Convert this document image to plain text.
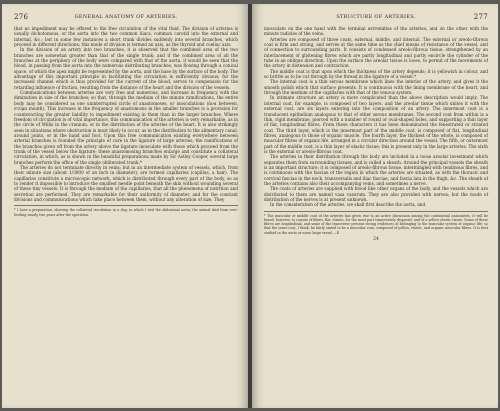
276	GENERAL ANATOMY OF ARTERIES.

that no impediment may be offered to the free circulation of the vital fluid. The division of arteries is usually dichotomous, or the aorta into the two common iliacs, common carotid into the external and internal, &c.; but in some few instances a short trunk divides suddenly into several branches, which proceed in different directions; this mode of division is termed an axis, as the thyroid and coeliac axis.

In the division of an artery into two branches, it is observed that the combined area of the two branches are somewhat greater than that of the single trunk; and if the combined area of all the branches at the periphery of the body were compared with that of the aorta, it would be seen that the blood, in passing from the aorta into the numerous distributing branches, was flowing through a conical space, of which the apex might be represented by the aorta, and the base by the surface of the body. The advantage of this important principle in facilitating the circulation is sufficiently obvious; for the increased channel which is thus provided for the current of the blood, serves to compensate for the retarding influence of friction, resulting from the distance of the heart and the division of the vessels.

Communications between arteries are very free and numerous, and increase in frequency with the diminution in size of the branches; so that, through the medium of the minute ramifications, the entire body may be considered as one uninterrupted circle of anastomoses, or inosculations (ἀνα between, στόμα mouth). This increase in the frequency of anastomosis in the smaller branches is a provision for counteracting the greater liability to impediment existing in them than in the larger branches. Where freedom of circulation is of vital importance, this communication of the arteries is very remarkable, as in the circle of Willis in the cranium, or in the distribution of the arteries of the heart. It is also strikingly seen in situations where obstruction is most likely to occur, as in the distribution to the alimentary canal, around joints, or in the hand and foot. Upon this free communication existing everywhere between arterial branches is founded the principle of cure in the ligature of large arteries; the ramifications of the branches given off from the artery above the ligature inosculate with those which proceed from the trunk of the vessel below the ligature; these anastomosing branches enlarge and constitute a collateral circulation, in which, as is shown in the beautiful preparations made by Sir Astley Cooper, several large branches perform the office of the single obliterated trunk.*

The arteries do not terminate directly in veins; but in an intermediate system of vessels, which, from their minute size (about 1/3000 of an inch in diameter), are termed capillaries (capillus, a hair). The capillaries constitute a microscopic network, which is distributed through every part of the body, so as to render it impossible to introduce the smallest needle point beneath the skin without wounding several of these tiny vessels. It is through the medium of the capillaries, that all the phenomena of nutrition and secretion are performed. They are remarkable for their uniformity of diameter, and for the constant divisions and communications which take place between them, without any alteration of size. They

* I have a preparation, showing the collateral circulation in a dog, in which I tied the abdominal aorta; the animal died from over-feeding nearly two years after the operation.
STRUCTURE OF ARTERIES.	277

inosculate on the one hand with the terminal extremities of the arteries; and on the other with the minute radicles of the veins.

Arteries are composed of three coats, external, middle, and internal. The external or areolo-fibrous coat is firm and strong, and serves at the same time as the chief means of resistance of the vessel, and of connection to surrounding parts. It consists of condensed areolo-fibrous tissue, strengthened by an interlacement of glistening fibres which are partly longitudinal and partly encircle the cylinder of the tube in an oblique direction. Upon the surface the areolar tissue is loose, to permit of the movements of the artery in distension and contraction.

The middle coat is that upon which the thickness of the artery depends; it is yellowish in colour, and so brittle as to be cut through by the thread in the ligature of a vessel.*

The internal coat is a thin serous membrane which lines the interior of the artery, and gives it the smooth polish which that surface presents. It is continuous with the lining membrane of the heart, and through the medium of the capillaries with that of the venous system.

In intimate structure an artery is more complicated than the above description would imply. The internal coat, for example, is composed of two layers, and the areolar tissue which unites it with the external coat, are six layers entering into the composition of an artery. The innermost coat is a translucent epithelium analogous to that of other serous membranes. The second coat from within is a thin, rigid membrane, pierced with a number of round or oval-shaped holes, and supporting a thin layer of flat, longitudinal fibres. From these characters it has been denominated the fenestrated or striated coat. The third layer, which is the innermost part of the middle coat, is composed of flat, longitudinal fibres, analogous to those of organic muscle. The fourth layer, the thickest of the whole, is composed of muscular fibres of organic life, arranged in a circular direction around the vessel. The fifth, or outermost part of the middle coat, is a thin layer of elastic tissue; this is present only in the large arteries. The sixth is the external or areolo-fibrous coat.

The arteries in their distribution through the body are included in a loose areolar investment which separates them from surrounding tissues, and is called a sheath. Around the principal vessels the sheath is an important structure; it is composed of areolo-fibrous tissue, intermingled with tendinous fibres, and is continuous with the fasciae of the region in which the arteries are situated, as with the thoracic and cervical fasciae in the neck, transversalis and iliac fasciae, and fascia lata in the thigh, &c. The sheath of the arteries contains also their accompanying veins, and sometimes a nerve.

The coats of arteries are supplied with blood like other organs of the body, and the vessels which are distributed to them are named vasa vasorum. They are also provided with nerves; but the mode of distribution of the nerves is at present unknown.

In the consideration of the arteries, we shall first describe the aorta, and

* The muscular or middle coat of the arteries has given rise to an active discussion among the continental anatomists. It will be found, however, to consist of fibres, flat, elastic, for the most part transversely disposed, and of a yellow elastic tissue. Some of these fibres are longitudinal, and some of the transverse present strong evidences of belonging to the muscular system of organic life; so that the inner coat, I think, be fairly stated to be a muscular coat, composed of yellow, elastic, and organic muscular fibres. It is best studied in the aorta or some large vessel.—E.
24
